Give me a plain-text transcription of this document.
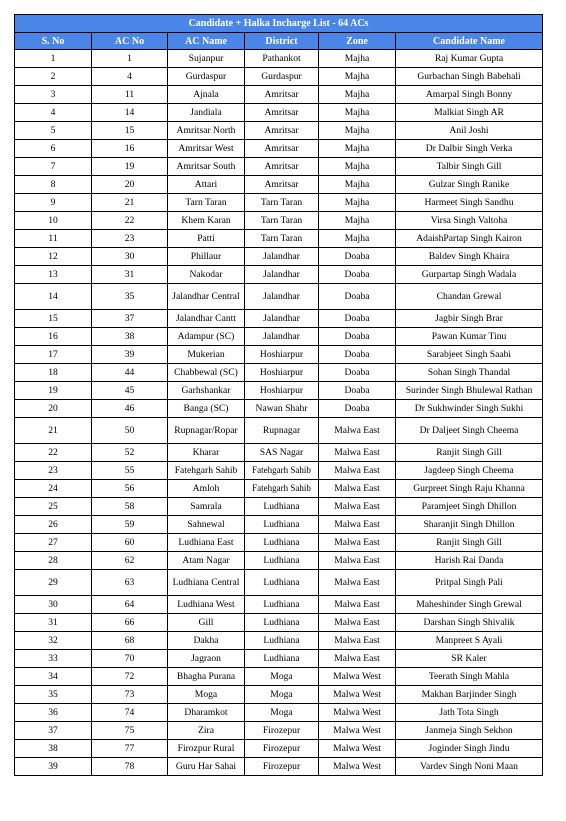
Candidate + Halka Incharge List - 64 ACs					
S. No	AC No	AC Name	District	Zone	Candidate Name
1	1	Sujanpur	Pathankot	Majha	Raj Kumar Gupta
2	4	Gurdaspur	Gurdaspur	Majha	Gurbachan Singh Babehali
3	11	Ajnala	Amritsar	Majha	Amarpal Singh Bonny
4	14	Jandiala	Amritsar	Majha	Malkiat Singh AR
5	15	Amritsar North	Amritsar	Majha	Anil Joshi
6	16	Amritsar West	Amritsar	Majha	Dr Dalbir Singh Verka
7	19	Amritsar South	Amritsar	Majha	Talbir Singh Gill
8	20	Attari	Amritsar	Majha	Gulzar Singh Ranike
9	21	Tarn Taran	Tarn Taran	Majha	Harmeet Singh Sandhu
10	22	Khem Karan	Tarn Taran	Majha	Virsa Singh Valtoha
11	23	Patti	Tarn Taran	Majha	AdaishPartap Singh Kairon
12	30	Phillaur	Jalandhar	Doaba	Baldev Singh Khaira
13	31	Nakodar	Jalandhar	Doaba	Gurpartap Singh Wadala
14	35	Jalandhar Central	Jalandhar	Doaba	Chandan Grewal
15	37	Jalandhar Cantt	Jalandhar	Doaba	Jagbir Singh Brar
16	38	Adampur (SC)	Jalandhar	Doaba	Pawan Kumar Tinu
17	39	Mukerian	Hoshiarpur	Doaba	Sarabjeet Singh Saabi
18	44	Chabbewal (SC)	Hoshiarpur	Doaba	Sohan Singh Thandal
19	45	Garhshankar	Hoshiarpur	Doaba	Surinder Singh Bhulewal Rathan
20	46	Banga (SC)	Nawan Shahr	Doaba	Dr Sukhwinder Singh Sukhi
21	50	Rupnagar/Ropar	Rupnagar	Malwa East	Dr Daljeet Singh Cheema
22	52	Kharar	SAS Nagar	Malwa East	Ranjit Singh Gill
23	55	Fatehgarh Sahib	Fatehgarh Sahib	Malwa East	Jagdeep Singh Cheema
24	56	Amloh	Fatehgarh Sahib	Malwa East	Gurpreet Singh Raju Khanna
25	58	Samrala	Ludhiana	Malwa East	Paramjeet Singh Dhillon
26	59	Sahnewal	Ludhiana	Malwa East	Sharanjit Singh Dhillon
27	60	Ludhiana East	Ludhiana	Malwa East	Ranjit Singh Gill
28	62	Atam Nagar	Ludhiana	Malwa East	Harish Rai Danda
29	63	Ludhiana Central	Ludhiana	Malwa East	Pritpal Singh Pali
30	64	Ludhiana West	Ludhiana	Malwa East	Maheshinder Singh Grewal
31	66	Gill	Ludhiana	Malwa East	Darshan Singh Shivalik
32	68	Dakha	Ludhiana	Malwa East	Manpreet S Ayali
33	70	Jagraon	Ludhiana	Malwa East	SR Kaler
34	72	Bhagha Purana	Moga	Malwa West	Teerath Singh Mahla
35	73	Moga	Moga	Malwa West	Makhan Barjinder Singh
36	74	Dharamkot	Moga	Malwa West	Jath Tota Singh
37	75	Zira	Firozepur	Malwa West	Janmeja Singh Sekhon
38	77	Firozpur Rural	Firozepur	Malwa West	Joginder Singh Jindu
39	78	Guru Har Sahai	Firozepur	Malwa West	Vardev Singh Noni Maan
